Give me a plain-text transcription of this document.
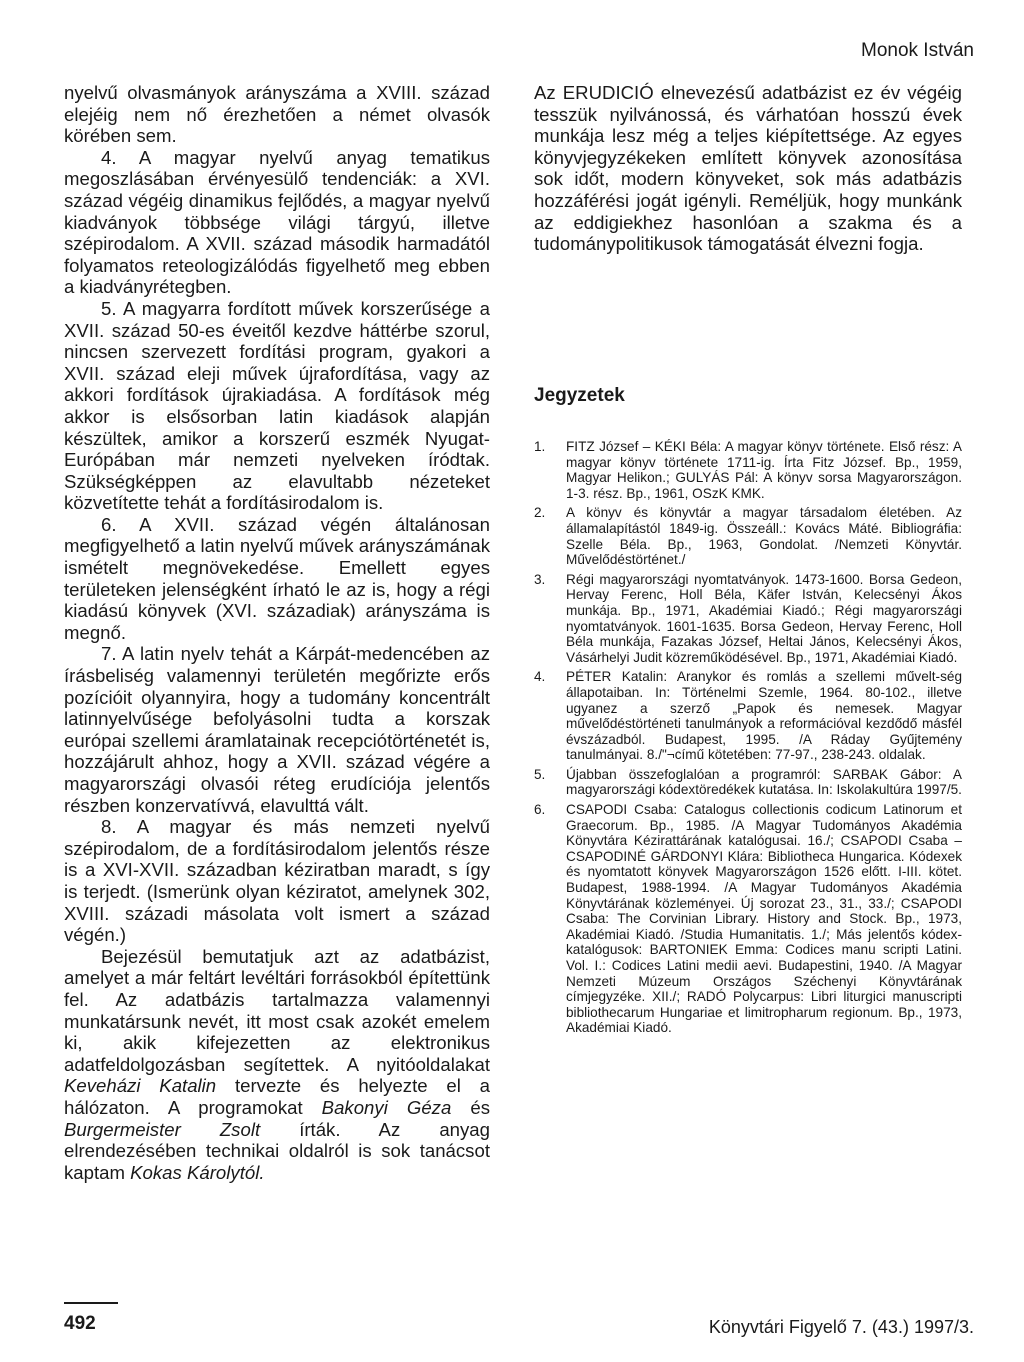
Monok István

nyelvű olvasmányok arányszáma a XVIII. század elejéig nem nő érezhetően a német olvasók körében sem.

4. A magyar nyelvű anyag tematikus megoszlásában érvényesülő tendenciák: a XVI. század végéig dinamikus fejlődés, a magyar nyelvű kiadványok többsége világi tárgyú, illetve szépirodalom. A XVII. század második harmadától folyamatos reteologizálódás figyelhető meg ebben a kiadványrétegben.

5. A magyarra fordított művek korszerűsége a XVII. század 50-es éveitől kezdve háttérbe szorul, nincsen szervezett fordítási program, gyakori a XVII. század eleji művek újrafordítása, vagy az akkori fordítások újrakiadása. A fordítások még akkor is elsősorban latin kiadások alapján készültek, amikor a korszerű eszmék Nyugat-Európában már nemzeti nyelveken íródtak. Szükségképpen az elavultabb nézeteket közvetítette tehát a fordításirodalom is.

6. A XVII. század végén általánosan megfigyelhető a latin nyelvű művek arányszámának ismételt megnövekedése. Emellett egyes területeken jelenségként írható le az is, hogy a régi kiadású könyvek (XVI. századiak) arányszáma is megnő.

7. A latin nyelv tehát a Kárpát-medencében az írásbeliség valamennyi területén megőrizte erős pozícióit olyannyira, hogy a tudomány koncentrált latinnyelvűsége befolyásolni tudta a korszak európai szellemi áramlatainak recepciótörténetét is, hozzájárult ahhoz, hogy a XVII. század végére a magyarországi olvasói réteg erudíciója jelentős részben konzervatívvá, elavulttá vált.

8. A magyar és más nemzeti nyelvű szépirodalom, de a fordításirodalom jelentős része is a XVI-XVII. században kéziratban maradt, s így is terjedt. (Ismerünk olyan kéziratot, amelynek 302, XVIII. századi másolata volt ismert a század végén.)

Bejezésül bemutatjuk azt az adatbázist, amelyet a már feltárt levéltári forrásokból építettünk fel. Az adatbázis tartalmazza valamennyi munkatársunk nevét, itt most csak azokét emelem ki, akik kifejezetten az elektronikus adatfeldolgozásban segítettek. A nyitóoldalakat Keveházi Katalin tervezte és helyezte el a hálózaton. A programokat Bakonyi Géza és Burgermeister Zsolt írták. Az anyag elrendezésében technikai oldalról is sok tanácsot kaptam Kokas Károlytól.

Az ERUDICIÓ elnevezésű adatbázist ez év végéig tesszük nyilvánossá, és várhatóan hosszú évek munkája lesz még a teljes kiépítettsége. Az egyes könyvjegyzékeken említett könyvek azonosítása sok időt, modern könyveket, sok más adatbázis hozzáférési jogát igényli. Reméljük, hogy munkánk az eddigiekhez hasonlóan a szakma és a tudománypolitikusok támogatását élvezni fogja.

Jegyzetek
1. FITZ József – KÉKI Béla: A magyar könyv története. Első rész: A magyar könyv története 1711-ig. Írta Fitz József. Bp., 1959, Magyar Helikon.; GULYÁS Pál: A könyv sorsa Magyarországon. 1-3. rész. Bp., 1961, OSzK KMK.
2. A könyv és könyvtár a magyar társadalom életében. Az államalapítástól 1849-ig. Összeáll.: Kovács Máté. Bibliográfia: Szelle Béla. Bp., 1963, Gondolat. /Nemzeti Könyvtár. Művelődéstörténet./
3. Régi magyarországi nyomtatványok. 1473-1600. Borsa Gedeon, Hervay Ferenc, Holl Béla, Käfer István, Kelecsényi Ákos munkája. Bp., 1971, Akadémiai Kiadó.; Régi magyarországi nyomtatványok. 1601-1635. Borsa Gedeon, Hervay Ferenc, Holl Béla munkája, Fazakas József, Heltai János, Kelecsényi Ákos, Vásárhelyi Judit közreműködésével. Bp., 1971, Akadémiai Kiadó.
4. PÉTER Katalin: Aranykor és romlás a szellemi művelt-ség állapotaiban. In: Történelmi Szemle, 1964. 80-102., illetve ugyanez a szerző „Papok és nemesek. Magyar művelődéstörténeti tanulmányok a reformációval kezdődő másfél évszázadból. Budapest, 1995. /A Ráday Gyűjtemény tanulmányai. 8./"¬című kötetében: 77-97., 238-243. oldalak.
5. Újabban összefoglalóan a programról: SARBAK Gábor: A magyarországi kódextöredékek kutatása. In: Iskolakultúra 1997/5.
6. CSAPODI Csaba: Catalogus collectionis codicum Latinorum et Graecorum. Bp., 1985. /A Magyar Tudományos Akadémia Könyvtára Kézirattárának katalógusai. 16./; CSAPODI Csaba – CSAPODINÉ GÁRDONYI Klára: Bibliotheca Hungarica. Kódexek és nyomtatott könyvek Magyarországon 1526 előtt. I-III. kötet. Budapest, 1988-1994. /A Magyar Tudományos Akadémia Könyvtárának közleményei. Új sorozat 23., 31., 33./; CSAPODI Csaba: The Corvinian Library. History and Stock. Bp., 1973, Akadémiai Kiadó. /Studia Humanitatis. 1./; Más jelentős kódex-katalógusok: BARTONIEK Emma: Codices manu scripti Latini. Vol. I.: Codices Latini medii aevi. Budapestini, 1940. /A Magyar Nemzeti Múzeum Országos Széchenyi Könyvtárának címjegyzéke. XII./; RADÓ Polycarpus: Libri liturgici manuscripti bibliothecarum Hungariae et limitropharum regionum. Bp., 1973, Akadémiai Kiadó.
492	Könyvtári Figyelő 7. (43.) 1997/3.
